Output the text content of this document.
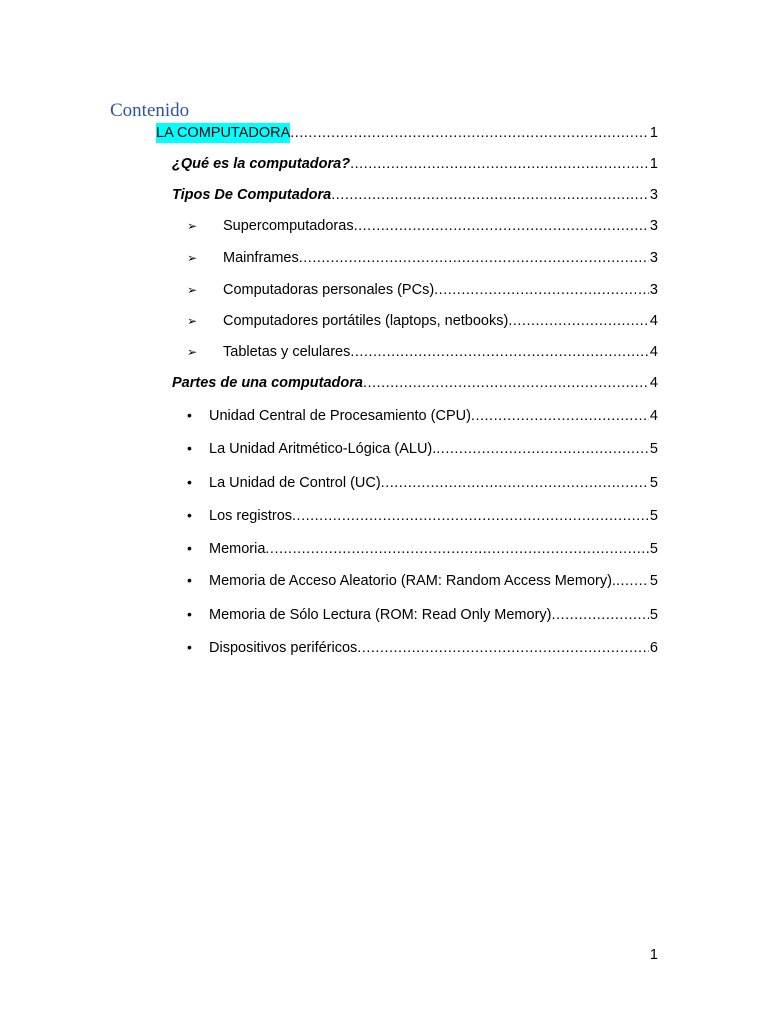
Contenido
LA COMPUTADORA .....	1
¿Qué es la computadora? .....	1
Tipos De Computadora .....	3
➢	Supercomputadoras .....	3
➢	Mainframes .....	3
➢	Computadoras personales (PCs) .....	3
➢	Computadores portátiles (laptops, netbooks) .....	4
➢	Tabletas y celulares .....	4
Partes de una computadora .....	4
•	Unidad Central de Procesamiento (CPU) .....	4
•	La Unidad Aritmético-Lógica (ALU). .....	5
•	La Unidad de Control (UC) .....	5
•	Los registros .....	5
•	Memoria .....	5
•	Memoria de Acceso Aleatorio (RAM: Random Access Memory). ..... 5
•	Memoria de Sólo Lectura (ROM: Read Only Memory) .....	5
•	Dispositivos periféricos .....	6
1
